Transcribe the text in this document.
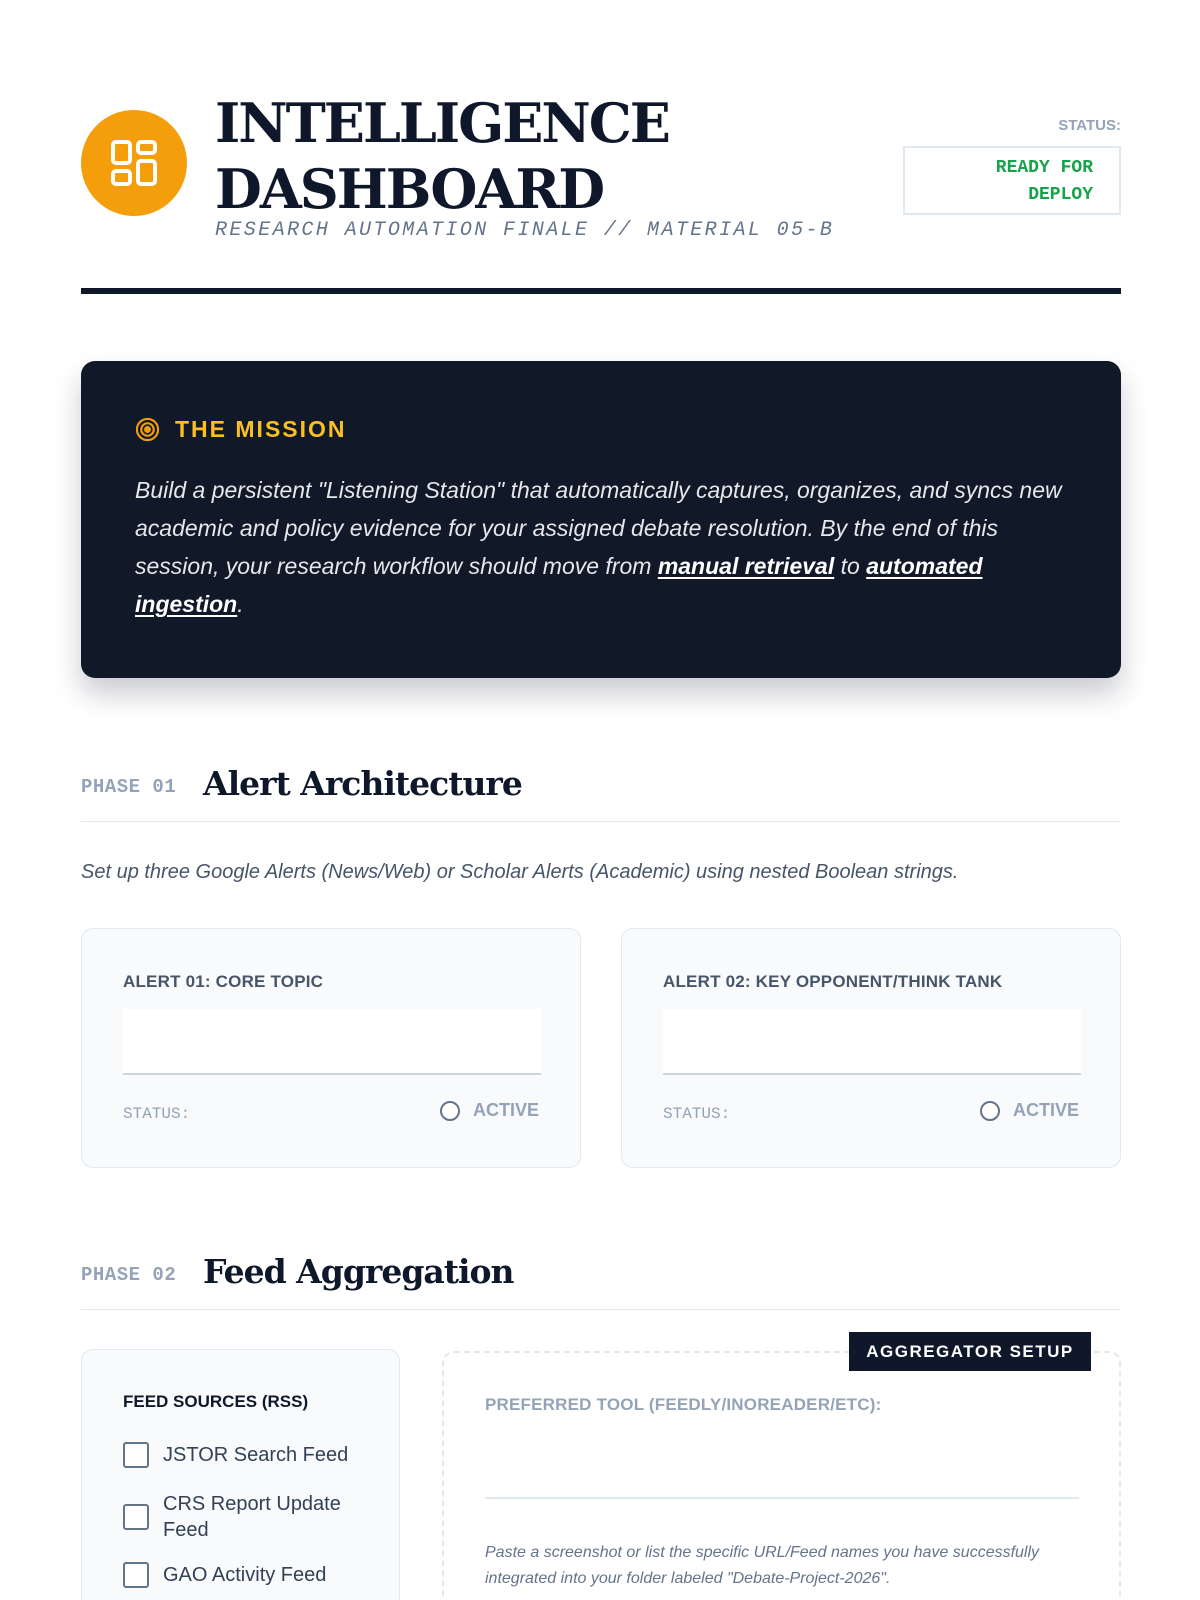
INTELLIGENCE
DASHBOARD
RESEARCH AUTOMATION FINALE // MATERIAL 05-B
STATUS:
READY FOR
DEPLOY
THE MISSION

Build a persistent "Listening Station" that automatically captures, organizes, and syncs new academic and policy evidence for your assigned debate resolution. By the end of this session, your research workflow should move from manual retrieval to automated ingestion.

PHASE 01 Alert Architecture
Set up three Google Alerts (News/Web) or Scholar Alerts (Academic) using nested Boolean strings.
ALERT 01: CORE TOPIC
STATUS:	ACTIVE
ALERT 02: KEY OPPONENT/THINK TANK
STATUS:	ACTIVE
PHASE 02 Feed Aggregation
FEED SOURCES (RSS)
JSTOR Search Feed
CRS Report Update Feed
GAO Activity Feed
PREFERRED TOOL (FEEDLY/INOREADER/ETC):

Paste a screenshot or list the specific URL/Feed names you have successfully integrated into your folder labeled "Debate-Project-2026".

AGGREGATOR SETUP
